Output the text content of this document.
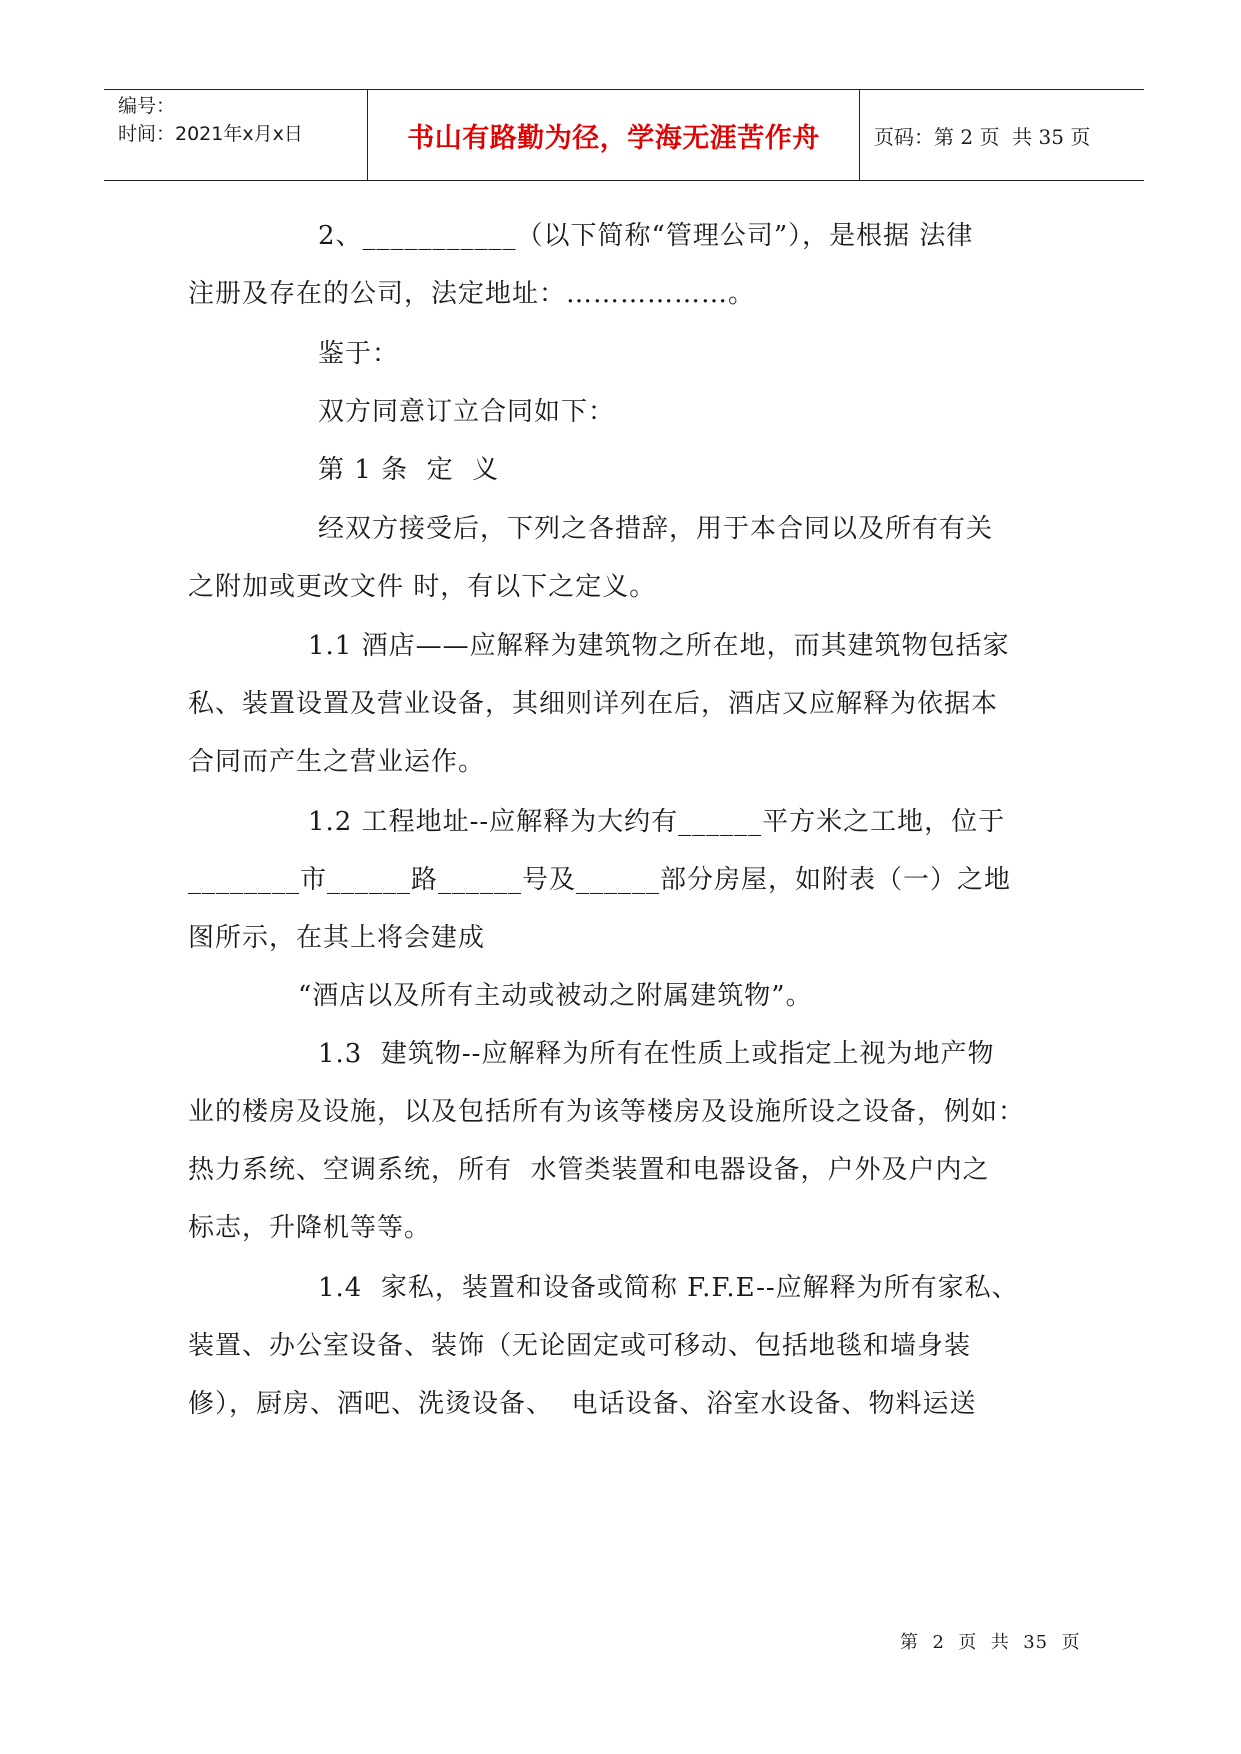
编号：
时间：2021年x月x日	书山有路勤为径，学海无涯苦作舟	页码：第 2 页  共 35 页
2、___________（以下简称“管理公司”），是根据 法律
注册及存在的公司，法定地址：………………。
鉴于：
双方同意订立合同如下：
第 1 条  定  义
经双方接受后，下列之各措辞，用于本合同以及所有有关
之附加或更改文件 时，有以下之定义。
1.1 酒店——应解释为建筑物之所在地，而其建筑物包括家
私、装置设置及营业设备，其细则详列在后，酒店又应解释为依据本
合同而产生之营业运作。
1.2 工程地址--应解释为大约有______平方米之工地，位于
________市______路______号及______部分房屋，如附表（一）之地
图所示，在其上将会建成
“酒店以及所有主动或被动之附属建筑物”。
1.3  建筑物--应解释为所有在性质上或指定上视为地产物
业的楼房及设施，以及包括所有为该等楼房及设施所设之设备，例如：
热力系统、空调系统，所有  水管类装置和电器设备，户外及户内之
标志，升降机等等。
1.4  家私，装置和设备或简称 F.F.E--应解释为所有家私、
装置、办公室设备、装饰（无论固定或可移动、包括地毯和墙身装
修），厨房、酒吧、洗烫设备、  电话设备、浴室水设备、物料运送
第  2  页  共  35  页
